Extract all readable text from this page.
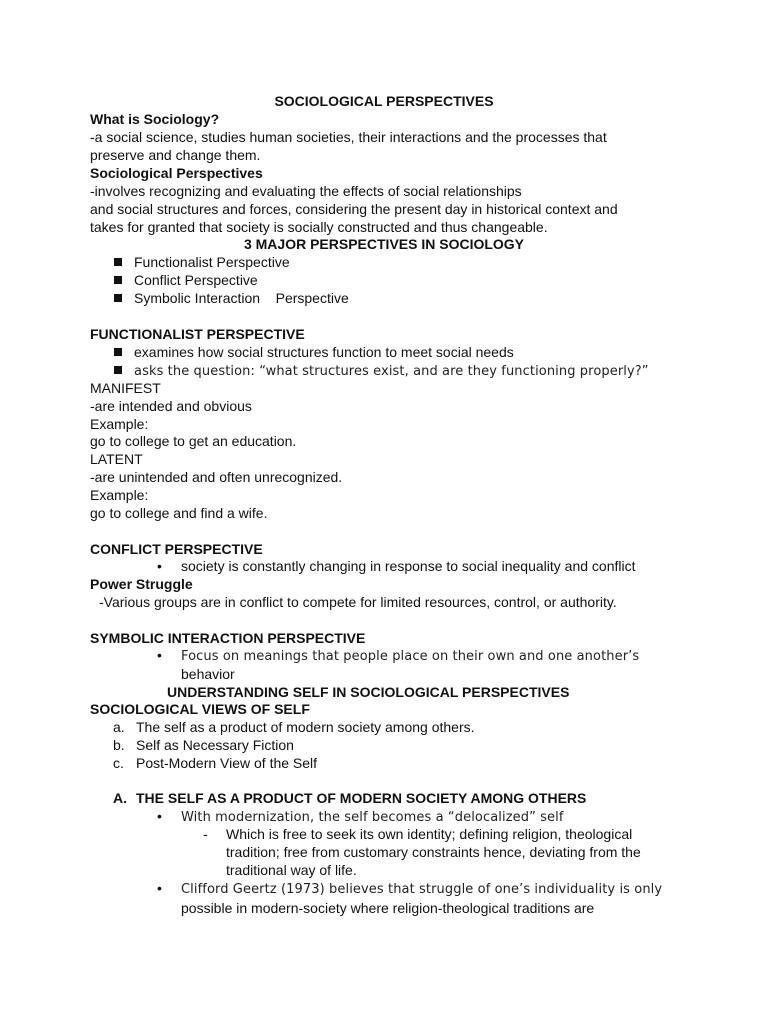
SOCIOLOGICAL PERSPECTIVES
What is Sociology?
-a social science, studies human societies, their interactions and the processes that
preserve and change them.
Sociological Perspectives
-involves recognizing and evaluating the effects of social relationships
and social structures and forces, considering the present day in historical context and
takes for granted that society is socially constructed and thus changeable.
3 MAJOR PERSPECTIVES IN SOCIOLOGY
Functionalist Perspective
Conflict Perspective
Symbolic Interaction    Perspective
FUNCTIONALIST PERSPECTIVE
examines how social structures function to meet social needs
asks the question: “what structures exist, and are they functioning properly?”
MANIFEST
-are intended and obvious
Example:
go to college to get an education.
LATENT
-are unintended and often unrecognized.
Example:
go to college and find a wife.
CONFLICT PERSPECTIVE
• society is constantly changing in response to social inequality and conflict
Power Struggle
-Various groups are in conflict to compete for limited resources, control, or authority.
SYMBOLIC INTERACTION PERSPECTIVE
• Focus on meanings that people place on their own and one another’s
behavior
UNDERSTANDING SELF IN SOCIOLOGICAL PERSPECTIVES
SOCIOLOGICAL VIEWS OF SELF
a. The self as a product of modern society among others.
b. Self as Necessary Fiction
c. Post-Modern View of the Self
A. THE SELF AS A PRODUCT OF MODERN SOCIETY AMONG OTHERS
• With modernization, the self becomes a “delocalized” self
- Which is free to seek its own identity; defining religion, theological
tradition; free from customary constraints hence, deviating from the
traditional way of life.
• Clifford Geertz (1973) believes that struggle of one’s individuality is only
possible in modern-society where religion-theological traditions are
